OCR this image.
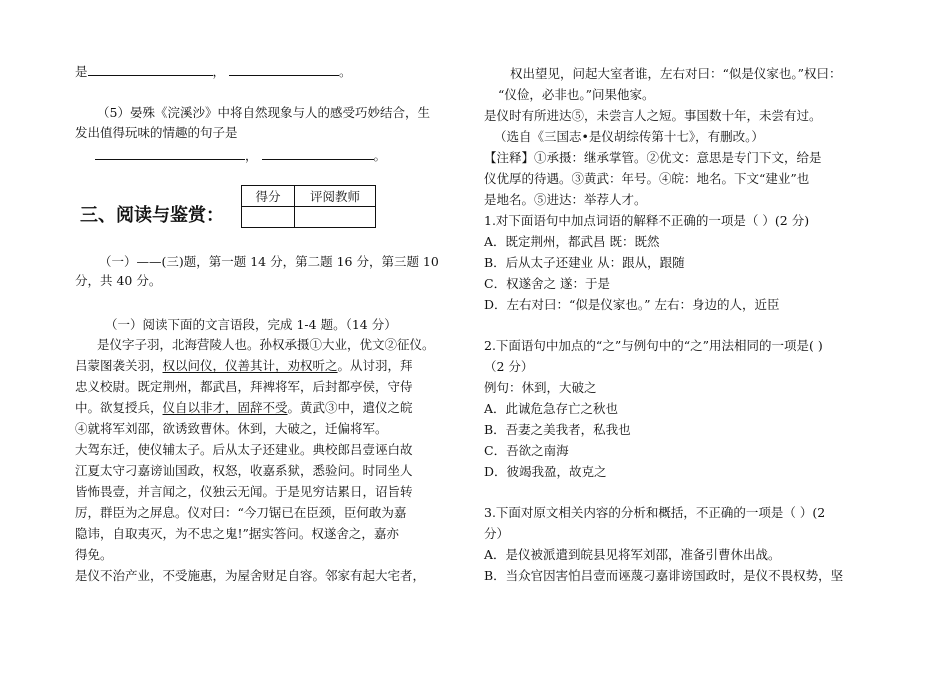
是	，	。
（5）晏殊《浣溪沙》中将自然现象与人的感受巧妙结合，生
发出值得玩味的情趣的句子是
，	。
得分	评阅教师

三、阅读与鉴赏：
（一）——(三)题，第一题 14 分，第二题 16 分，第三题 10
分，共 40 分。
（一）阅读下面的文言语段，完成 1-4 题。（14 分）
是仪字子羽，北海营陵人也。孙权承摄①大业，优文②征仪。
吕蒙图袭关羽，权以问仪，仪善其计，劝权听之。从讨羽，拜
忠义校尉。既定荆州，都武昌，拜裨将军，后封都亭侯，守侍
中。欲复授兵，仪自以非才，固辞不受。黄武③中，遣仪之皖
④就将军刘邵，欲诱致曹休。休到，大破之，迁偏将军。
大驾东迁，使仪辅太子。后从太子还建业。典校郎吕壹诬白故
江夏太守刁嘉谤讪国政，权怒，收嘉系狱，悉验问。时同坐人
皆怖畏壹，并言闻之，仪独云无闻。于是见穷诘累日，诏旨转
厉，群臣为之屏息。仪对曰：“今刀锯已在臣颈，臣何敢为嘉
隐讳，自取夷灭，为不忠之鬼!”据实答问。权遂舍之，嘉亦
得免。
是仪不治产业，不受施惠，为屋舍财足自容。邻家有起大宅者，
权出望见，问起大室者谁，左右对曰：“似是仪家也。”权曰：
“仪俭，必非也。”问果他家。
是仪时有所进达⑤，未尝言人之短。事国数十年，未尝有过。
（选自《三国志•是仪胡综传第十七》，有删改。）
【注释】①承摄：继承掌管。②优文：意思是专门下文，给是
仪优厚的待遇。③黄武：年号。④皖：地名。下文“建业”也
是地名。⑤进达：举荐人才。
1.对下面语句中加点词语的解释不正确的一项是（ ）(2 分)
A．既定荆州，都武昌 既：既然
B．后从太子还建业 从：跟从，跟随
C．权遂舍之 遂：于是
D．左右对曰：“似是仪家也。” 左右：身边的人，近臣
2.下面语句中加点的“之”与例句中的“之”用法相同的一项是( )
（2 分）
例句：休到，大破之
A．此诚危急存亡之秋也
B．吾妻之美我者，私我也
C．吾欲之南海
D．彼竭我盈，故克之
3.下面对原文相关内容的分析和概括，不正确的一项是（ ）(2
分）
A．是仪被派遣到皖县见将军刘邵，准备引曹休出战。
B．当众官因害怕吕壹而诬蔑刁嘉诽谤国政时，是仪不畏权势，坚
